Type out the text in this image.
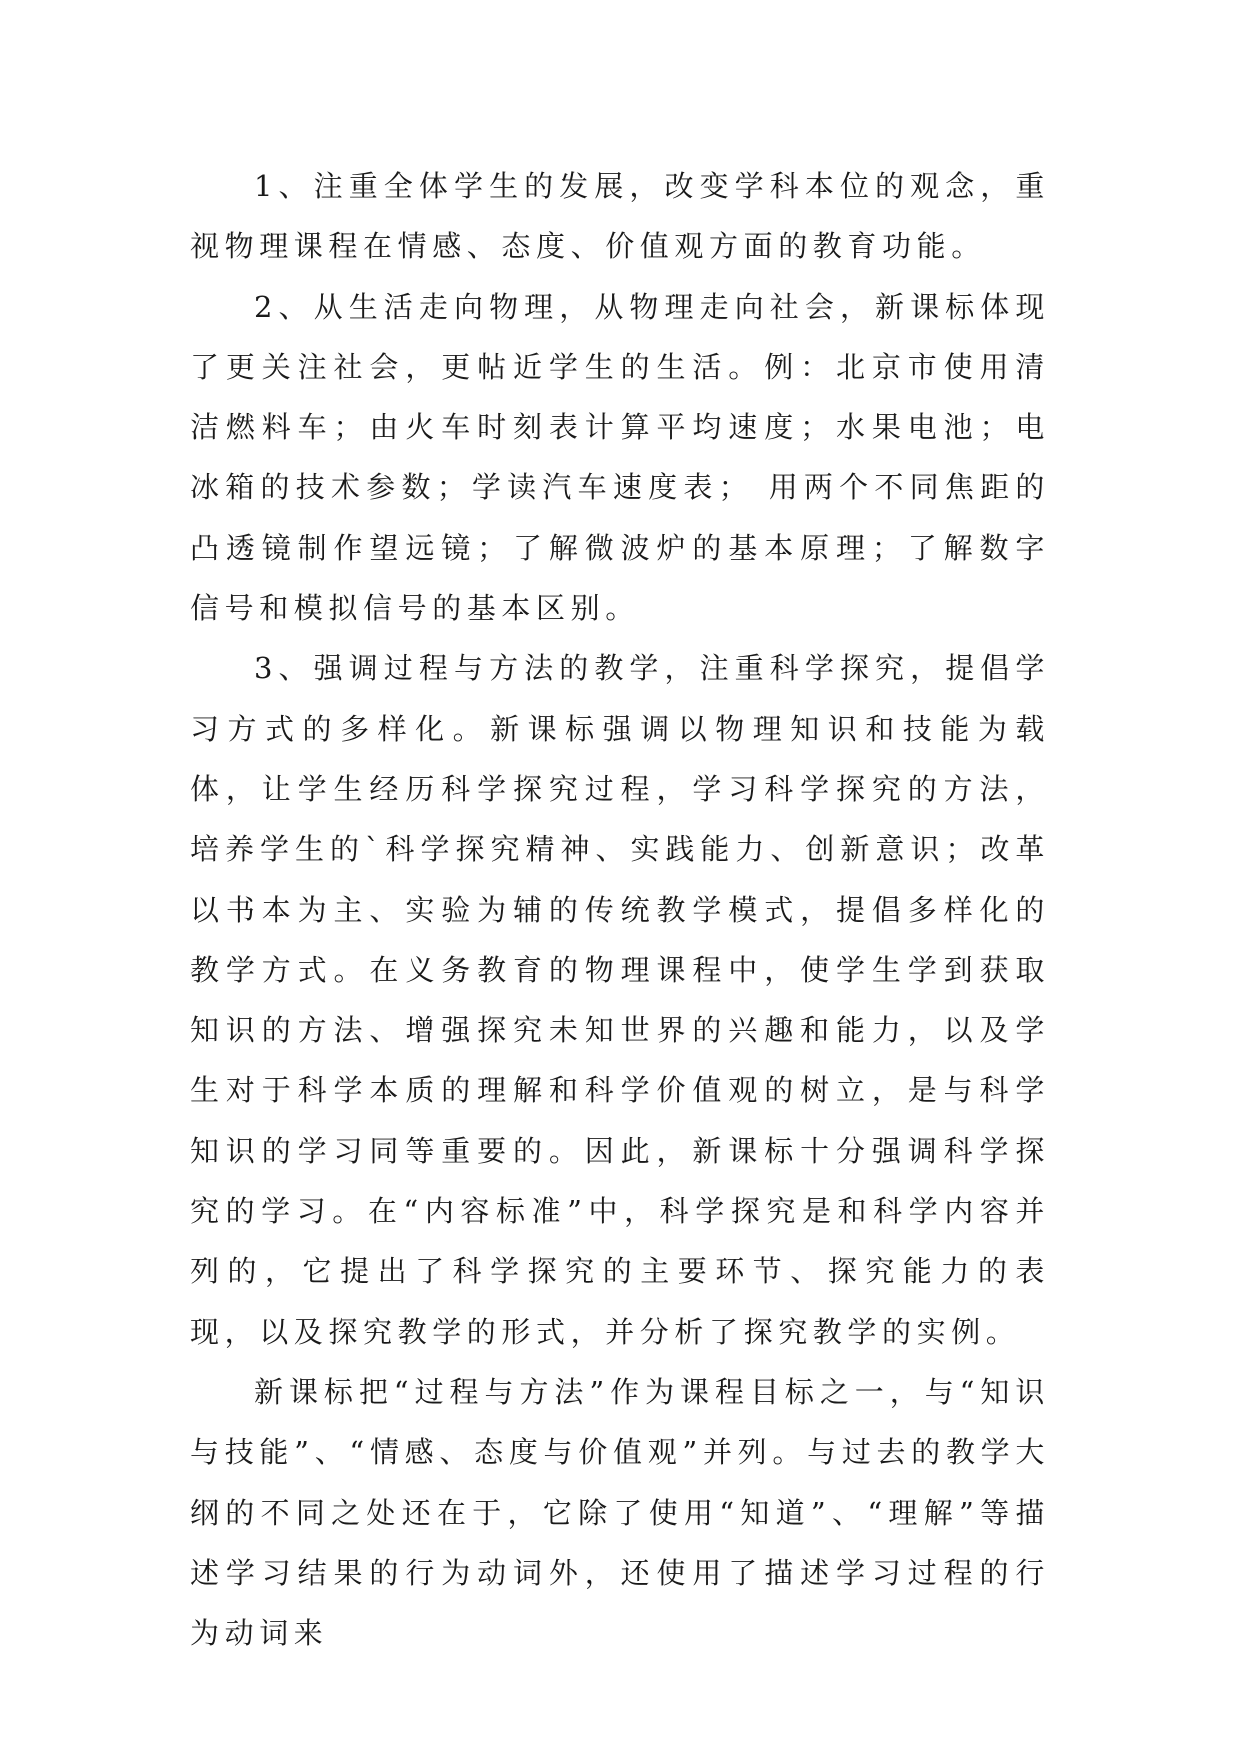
1、注重全体学生的发展，改变学科本位的观念，重视物理课程在情感、态度、价值观方面的教育功能。

2、从生活走向物理，从物理走向社会，新课标体现了更关注社会，更帖近学生的生活。例：北京市使用清洁燃料车；由火车时刻表计算平均速度；水果电池；电冰箱的技术参数；学读汽车速度表； 用两个不同焦距的凸透镜制作望远镜；了解微波炉的基本原理；了解数字信号和模拟信号的基本区别。

3、强调过程与方法的教学，注重科学探究，提倡学习方式的多样化。新课标强调以物理知识和技能为载体，让学生经历科学探究过程，学习科学探究的方法，培养学生的`科学探究精神、实践能力、创新意识；改革以书本为主、实验为辅的传统教学模式，提倡多样化的教学方式。在义务教育的物理课程中，使学生学到获取知识的方法、增强探究未知世界的兴趣和能力，以及学生对于科学本质的理解和科学价值观的树立，是与科学知识的学习同等重要的。因此，新课标十分强调科学探究的学习。在“内容标准”中，科学探究是和科学内容并列的，它提出了科学探究的主要环节、探究能力的表现，以及探究教学的形式，并分析了探究教学的实例。

新课标把“过程与方法”作为课程目标之一，与“知识与技能”、“情感、态度与价值观”并列。与过去的教学大纲的不同之处还在于，它除了使用“知道”、“理解”等描述学习结果的行为动词外，还使用了描述学习过程的行为动词来
